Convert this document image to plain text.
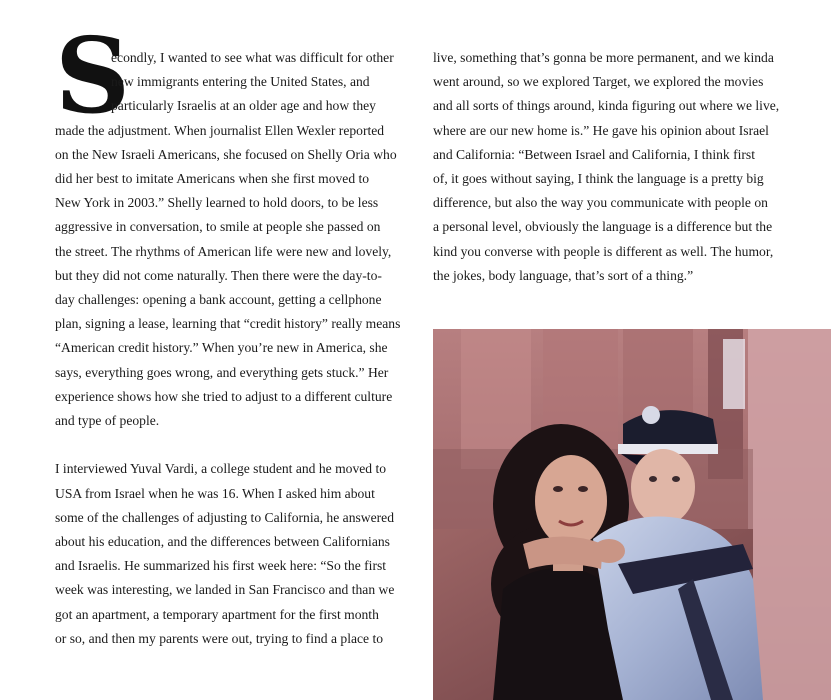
S
econdly, I wanted to see what was difficult for other
new immigrants entering the United States, and
particularly Israelis at an older age and how they
made the adjustment. When journalist Ellen Wexler reported
on the New Israeli Americans, she focused on Shelly Oria who
did her best to imitate Americans when she first moved to
New York in 2003.” Shelly learned to hold doors, to be less
aggressive in conversation, to smile at people she passed on
the street. The rhythms of American life were new and lovely,
but they did not come naturally. Then there were the day-to-
day challenges: opening a bank account, getting a cellphone
plan, signing a lease, learning that “credit history” really means
“American credit history.” When you’re new in America, she
says, everything goes wrong, and everything gets stuck.” Her
experience shows how she tried to adjust to a different culture
and type of people.
I interviewed Yuval Vardi, a college student and he moved to
USA from Israel when he was 16. When I asked him about
some of the challenges of adjusting to California, he answered
about his education, and the differences between Californians
and Israelis. He summarized his first week here: “So the first
week was interesting, we landed in San Francisco and than we
got an apartment, a temporary apartment for the first month
or so, and then my parents were out, trying to find a place to
live, something that’s gonna be more permanent, and we kinda
went around, so we explored Target, we explored the movies
and all sorts of things around, kinda figuring out where we live,
where are our new home is.” He gave his opinion about Israel
and California: “Between Israel and California, I think first
of, it goes without saying, I think the language is a pretty big
difference, but also the way you communicate with people on
a personal level, obviously the language is a difference but the
kind you converse with people is different as well. The humor,
the jokes, body language, that’s sort of a thing.”
